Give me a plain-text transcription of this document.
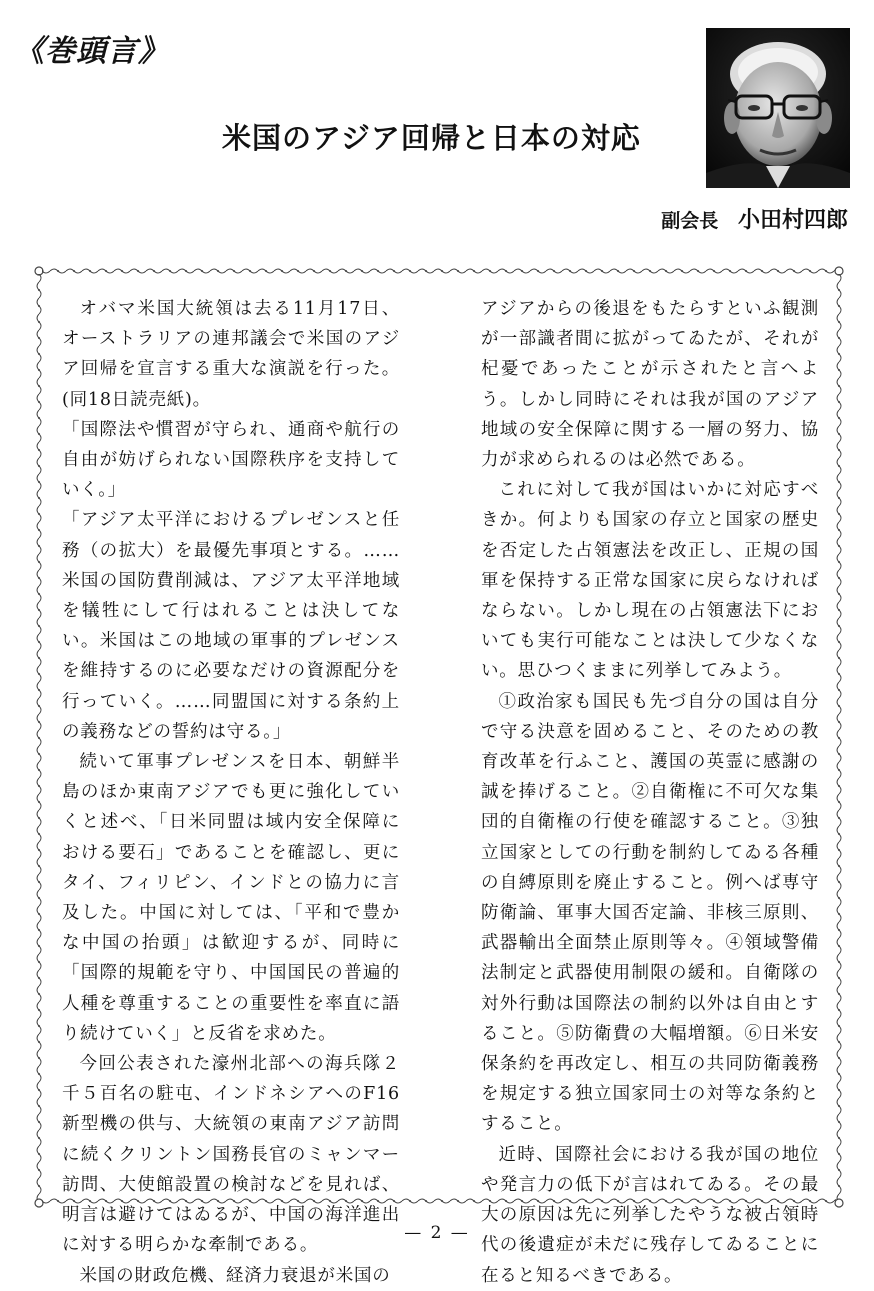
《巻頭言》
米国のアジア回帰と日本の対応
副会長 小田村四郎

オバマ米国大統領は去る11月17日、オーストラリアの連邦議会で米国のアジア回帰を宣言する重大な演説を行った。(同18日読売紙)。

「国際法や慣習が守られ、通商や航行の自由が妨げられない国際秩序を支持していく。」

「アジア太平洋におけるプレゼンスと任務（の拡大）を最優先事項とする。……米国の国防費削減は、アジア太平洋地域を犠牲にして行はれることは決してない。米国はこの地域の軍事的プレゼンスを維持するのに必要なだけの資源配分を行っていく。……同盟国に対する条約上の義務などの誓約は守る。」

続いて軍事プレゼンスを日本、朝鮮半島のほか東南アジアでも更に強化していくと述べ、「日米同盟は域内安全保障における要石」であることを確認し、更にタイ、フィリピン、インドとの協力に言及した。中国に対しては、「平和で豊かな中国の抬頭」は歓迎するが、同時に「国際的規範を守り、中国国民の普遍的人種を尊重することの重要性を率直に語り続けていく」と反省を求めた。

今回公表された濠州北部への海兵隊２千５百名の駐屯、インドネシアへのF16新型機の供与、大統領の東南アジア訪問に続くクリントン国務長官のミャンマー訪問、大使館設置の検討などを見れば、明言は避けてはゐるが、中国の海洋進出に対する明らかな牽制である。

米国の財政危機、経済力衰退が米国の

アジアからの後退をもたらすといふ観測が一部識者間に拡がってゐたが、それが杞憂であったことが示されたと言へよう。しかし同時にそれは我が国のアジア地域の安全保障に関する一層の努力、協力が求められるのは必然である。

これに対して我が国はいかに対応すべきか。何よりも国家の存立と国家の歴史を否定した占領憲法を改正し、正規の国軍を保持する正常な国家に戻らなければならない。しかし現在の占領憲法下においても実行可能なことは決して少なくない。思ひつくままに列挙してみよう。

①政治家も国民も先づ自分の国は自分で守る決意を固めること、そのための教育改革を行ふこと、護国の英霊に感謝の誠を捧げること。②自衛権に不可欠な集団的自衛権の行使を確認すること。③独立国家としての行動を制約してゐる各種の自縛原則を廃止すること。例へば専守防衛論、軍事大国否定論、非核三原則、武器輸出全面禁止原則等々。④領域警備法制定と武器使用制限の緩和。自衛隊の対外行動は国際法の制約以外は自由とすること。⑤防衛費の大幅増額。⑥日米安保条約を再改定し、相互の共同防衛義務を規定する独立国家同士の対等な条約とすること。

近時、国際社会における我が国の地位や発言力の低下が言はれてゐる。その最大の原因は先に列挙したやうな被占領時代の後遺症が未だに残存してゐることに在ると知るべきである。

— 2 —
